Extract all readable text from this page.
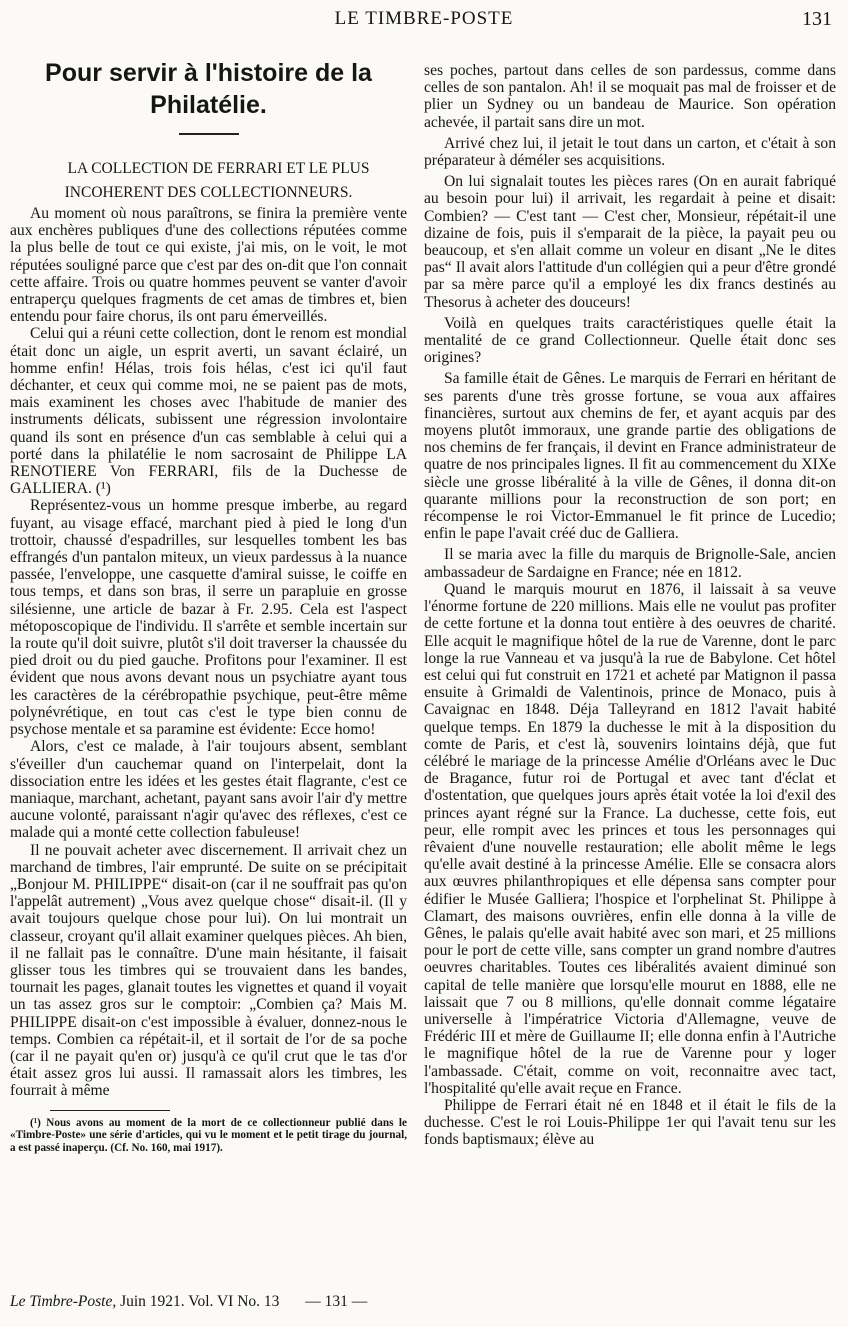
LE TIMBRE-POSTE	131
Pour servir à l'histoire de la Philatélie.

LA COLLECTION DE FERRARI ET LE PLUS INCOHERENT DES COLLECTIONNEURS.

Au moment où nous paraîtrons, se finira la première vente aux enchères publiques d'une des collections réputées comme la plus belle de tout ce qui existe, j'ai mis, on le voit, le mot réputées souligné parce que c'est par des on-dit que l'on connait cette affaire. Trois ou quatre hommes peuvent se vanter d'avoir entraperçu quelques fragments de cet amas de timbres et, bien entendu pour faire chorus, ils ont paru émerveillés.

Celui qui a réuni cette collection, dont le renom est mondial était donc un aigle, un esprit averti, un savant éclairé, un homme enfin! Hélas, trois fois hélas, c'est ici qu'il faut déchanter, et ceux qui comme moi, ne se paient pas de mots, mais examinent les choses avec l'habitude de manier des instruments délicats, subissent une régression involontaire quand ils sont en présence d'un cas semblable à celui qui a porté dans la philatélie le nom sacrosaint de Philippe LA RENOTIERE Von FERRARI, fils de la Duchesse de GALLIERA. (¹)

Représentez-vous un homme presque imberbe, au regard fuyant, au visage effacé, marchant pied à pied le long d'un trottoir, chaussé d'espadrilles, sur lesquelles tombent les bas effrangés d'un pantalon miteux, un vieux pardessus à la nuance passée, l'enveloppe, une casquette d'amiral suisse, le coiffe en tous temps, et dans son bras, il serre un parapluie en grosse silésienne, une article de bazar à Fr. 2.95. Cela est l'aspect métoposcopique de l'individu. Il s'arrête et semble incertain sur la route qu'il doit suivre, plutôt s'il doit traverser la chaussée du pied droit ou du pied gauche. Profitons pour l'examiner. Il est évident que nous avons devant nous un psychiatre ayant tous les caractères de la cérébropathie psychique, peut-être même polynévrétique, en tout cas c'est le type bien connu de psychose mentale et sa paramine est évidente: Ecce homo!

Alors, c'est ce malade, à l'air toujours absent, semblant s'éveiller d'un cauchemar quand on l'interpelait, dont la dissociation entre les idées et les gestes était flagrante, c'est ce maniaque, marchant, achetant, payant sans avoir l'air d'y mettre aucune volonté, paraissant n'agir qu'avec des réflexes, c'est ce malade qui a monté cette collection fabuleuse!

Il ne pouvait acheter avec discernement. Il arrivait chez un marchand de timbres, l'air emprunté. De suite on se précipitait „Bonjour M. PHILIPPE“ disait-on (car il ne souffrait pas qu'on l'appelât autrement) „Vous avez quelque chose“ disait-il. (Il y avait toujours quelque chose pour lui). On lui montrait un classeur, croyant qu'il allait examiner quelques pièces. Ah bien, il ne fallait pas le connaître. D'une main hésitante, il faisait glisser tous les timbres qui se trouvaient dans les bandes, tournait les pages, glanait toutes les vignettes et quand il voyait un tas assez gros sur le comptoir: „Combien ça? Mais M. PHILIPPE disait-on c'est impossible à évaluer, donnez-nous le temps. Combien ca répétait-il, et il sortait de l'or de sa poche (car il ne payait qu'en or) jusqu'à ce qu'il crut que le tas d'or était assez gros lui aussi. Il ramassait alors les timbres, les fourrait à même

(¹) Nous avons au moment de la mort de ce collectionneur publié dans le «Timbre-Poste» une série d'articles, qui vu le moment et le petit tirage du journal, a est passé inaperçu. (Cf. No. 160, mai 1917).

ses poches, partout dans celles de son pardessus, comme dans celles de son pantalon. Ah! il se moquait pas mal de froisser et de plier un Sydney ou un bandeau de Maurice. Son opération achevée, il partait sans dire un mot.

Arrivé chez lui, il jetait le tout dans un carton, et c'était à son préparateur à déméler ses acquisitions.

On lui signalait toutes les pièces rares (On en aurait fabriqué au besoin pour lui) il arrivait, les regardait à peine et disait: Combien? — C'est tant — C'est cher, Monsieur, répétait-il une dizaine de fois, puis il s'emparait de la pièce, la payait peu ou beaucoup, et s'en allait comme un voleur en disant „Ne le dites pas“ Il avait alors l'attitude d'un collégien qui a peur d'être grondé par sa mère parce qu'il a employé les dix francs destinés au Thesorus à acheter des douceurs!

Voilà en quelques traits caractéristiques quelle était la mentalité de ce grand Collectionneur. Quelle était donc ses origines?

Sa famille était de Gênes. Le marquis de Ferrari en héritant de ses parents d'une très grosse fortune, se voua aux affaires financières, surtout aux chemins de fer, et ayant acquis par des moyens plutôt immoraux, une grande partie des obligations de nos chemins de fer français, il devint en France administrateur de quatre de nos principales lignes. Il fit au commencement du XIXe siècle une grosse libéralité à la ville de Gênes, il donna dit-on quarante millions pour la reconstruction de son port; en récompense le roi Victor-Emmanuel le fit prince de Lucedio; enfin le pape l'avait créé duc de Galliera.

Il se maria avec la fille du marquis de Brignolle-Sale, ancien ambassadeur de Sardaigne en France; née en 1812.

Quand le marquis mourut en 1876, il laissait à sa veuve l'énorme fortune de 220 millions. Mais elle ne voulut pas profiter de cette fortune et la donna tout entière à des oeuvres de charité. Elle acquit le magnifique hôtel de la rue de Varenne, dont le parc longe la rue Vanneau et va jusqu'à la rue de Babylone. Cet hôtel est celui qui fut construit en 1721 et acheté par Matignon il passa ensuite à Grimaldi de Valentinois, prince de Monaco, puis à Cavaignac en 1848. Déja Talleyrand en 1812 l'avait habité quelque temps. En 1879 la duchesse le mit à la disposition du comte de Paris, et c'est là, souvenirs lointains déjà, que fut célébré le mariage de la princesse Amélie d'Orléans avec le Duc de Bragance, futur roi de Portugal et avec tant d'éclat et d'ostentation, que quelques jours après était votée la loi d'exil des princes ayant régné sur la France. La duchesse, cette fois, eut peur, elle rompit avec les princes et tous les personnages qui rêvaient d'une nouvelle restauration; elle abolit même le legs qu'elle avait destiné à la princesse Amélie. Elle se consacra alors aux œuvres philanthropiques et elle dépensa sans compter pour édifier le Musée Galliera; l'hospice et l'orphelinat St. Philippe à Clamart, des maisons ouvrières, enfin elle donna à la ville de Gênes, le palais qu'elle avait habité avec son mari, et 25 millions pour le port de cette ville, sans compter un grand nombre d'autres oeuvres charitables. Toutes ces libéralités avaient diminué son capital de telle manière que lorsqu'elle mourut en 1888, elle ne laissait que 7 ou 8 millions, qu'elle donnait comme légataire universelle à l'impératrice Victoria d'Allemagne, veuve de Frédéric III et mère de Guillaume II; elle donna enfin à l'Autriche le magnifique hôtel de la rue de Varenne pour y loger l'ambassade. C'était, comme on voit, reconnaitre avec tact, l'hospitalité qu'elle avait reçue en France.

Philippe de Ferrari était né en 1848 et il était le fils de la duchesse. C'est le roi Louis-Philippe 1er qui l'avait tenu sur les fonds baptismaux; élève au

Le Timbre-Poste, Juin 1921. Vol. VI No. 13 — 131 —
